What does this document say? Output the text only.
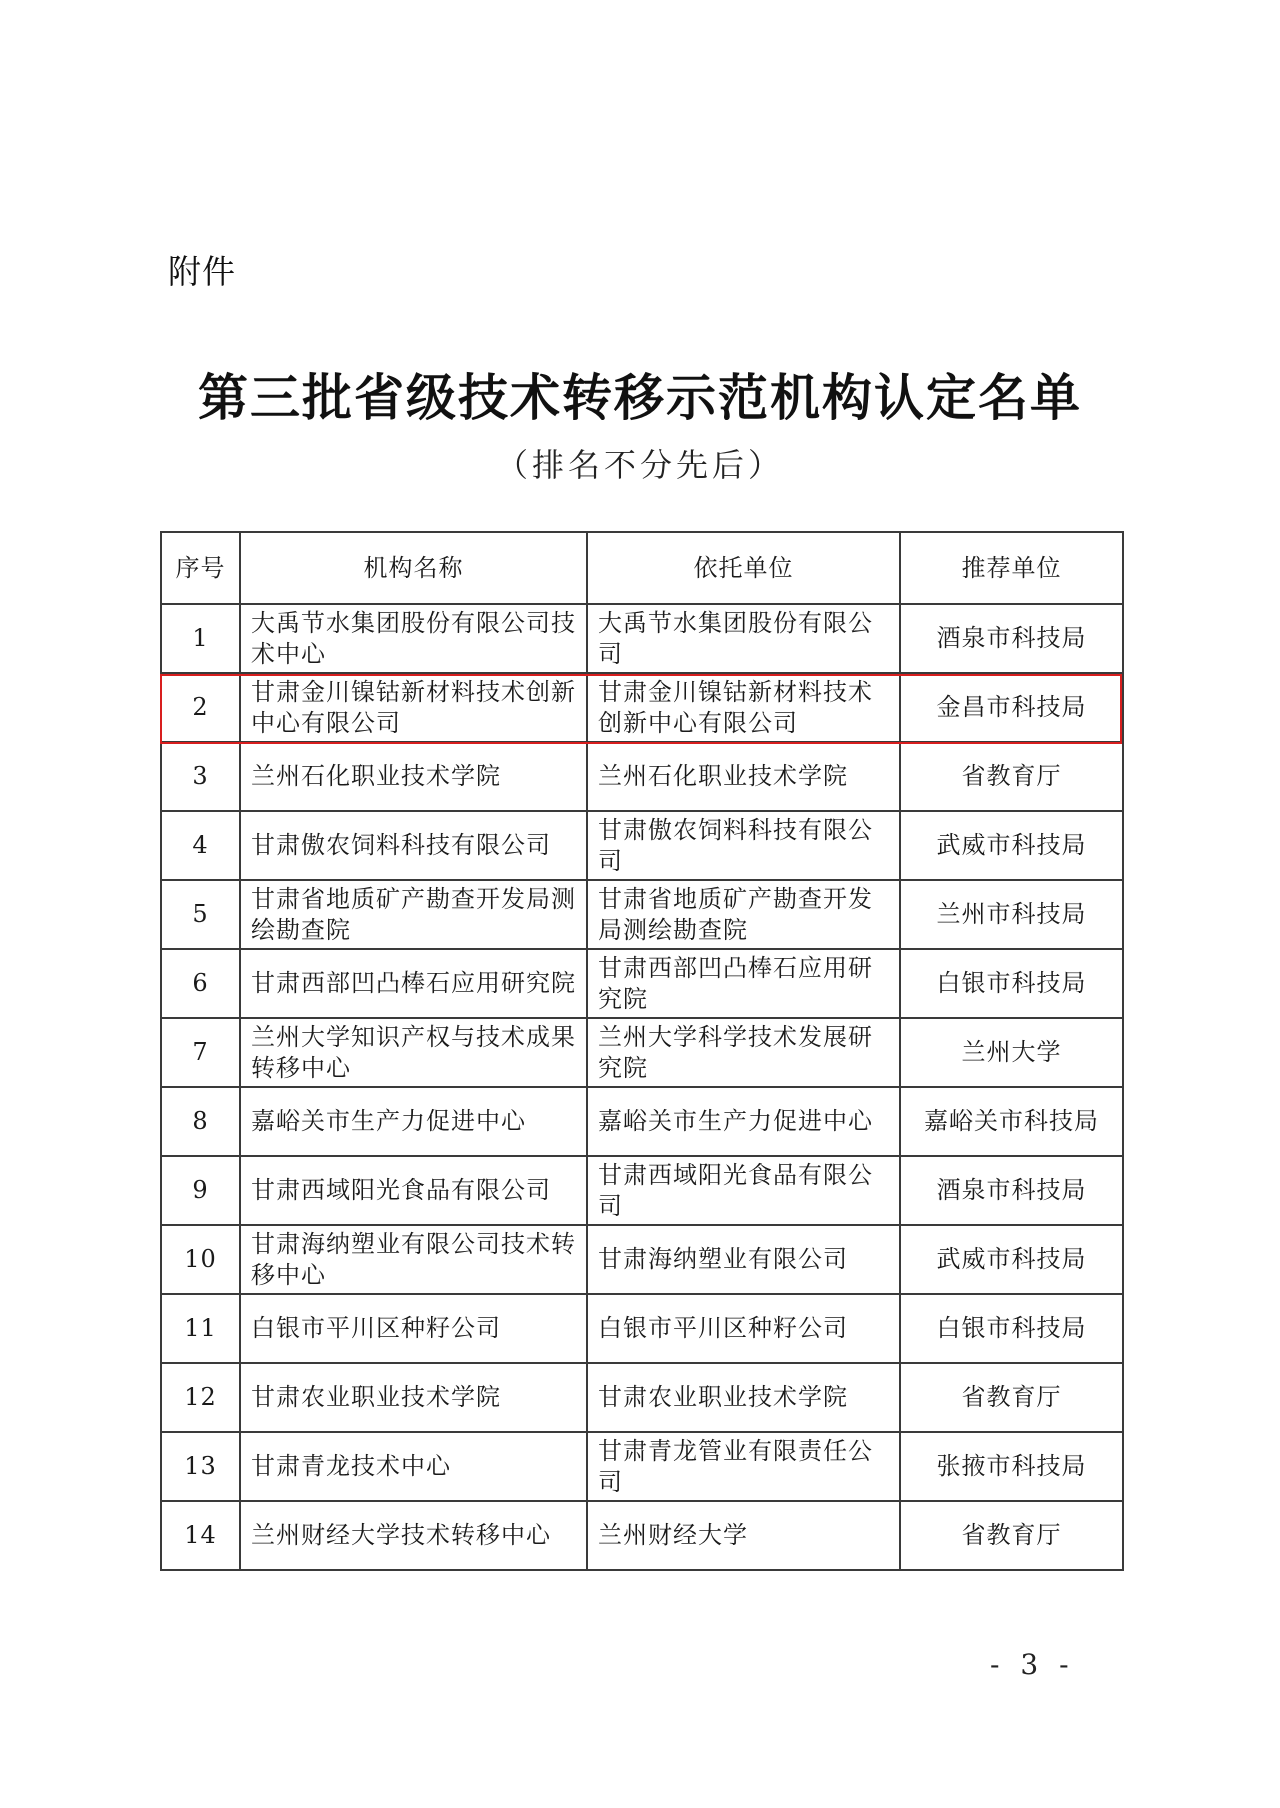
附件
第三批省级技术转移示范机构认定名单
（排名不分先后）
序号	机构名称	依托单位	推荐单位
1	大禹节水集团股份有限公司技术中心	大禹节水集团股份有限公司	酒泉市科技局
2	甘肃金川镍钴新材料技术创新中心有限公司	甘肃金川镍钴新材料技术创新中心有限公司	金昌市科技局
3	兰州石化职业技术学院	兰州石化职业技术学院	省教育厅
4	甘肃傲农饲料科技有限公司	甘肃傲农饲料科技有限公司	武威市科技局
5	甘肃省地质矿产勘查开发局测绘勘查院	甘肃省地质矿产勘查开发局测绘勘查院	兰州市科技局
6	甘肃西部凹凸棒石应用研究院	甘肃西部凹凸棒石应用研究院	白银市科技局
7	兰州大学知识产权与技术成果转移中心	兰州大学科学技术发展研究院	兰州大学
8	嘉峪关市生产力促进中心	嘉峪关市生产力促进中心	嘉峪关市科技局
9	甘肃西域阳光食品有限公司	甘肃西域阳光食品有限公司	酒泉市科技局
10	甘肃海纳塑业有限公司技术转移中心	甘肃海纳塑业有限公司	武威市科技局
11	白银市平川区种籽公司	白银市平川区种籽公司	白银市科技局
12	甘肃农业职业技术学院	甘肃农业职业技术学院	省教育厅
13	甘肃青龙技术中心	甘肃青龙管业有限责任公司	张掖市科技局
14	兰州财经大学技术转移中心	兰州财经大学	省教育厅
- 3 -
